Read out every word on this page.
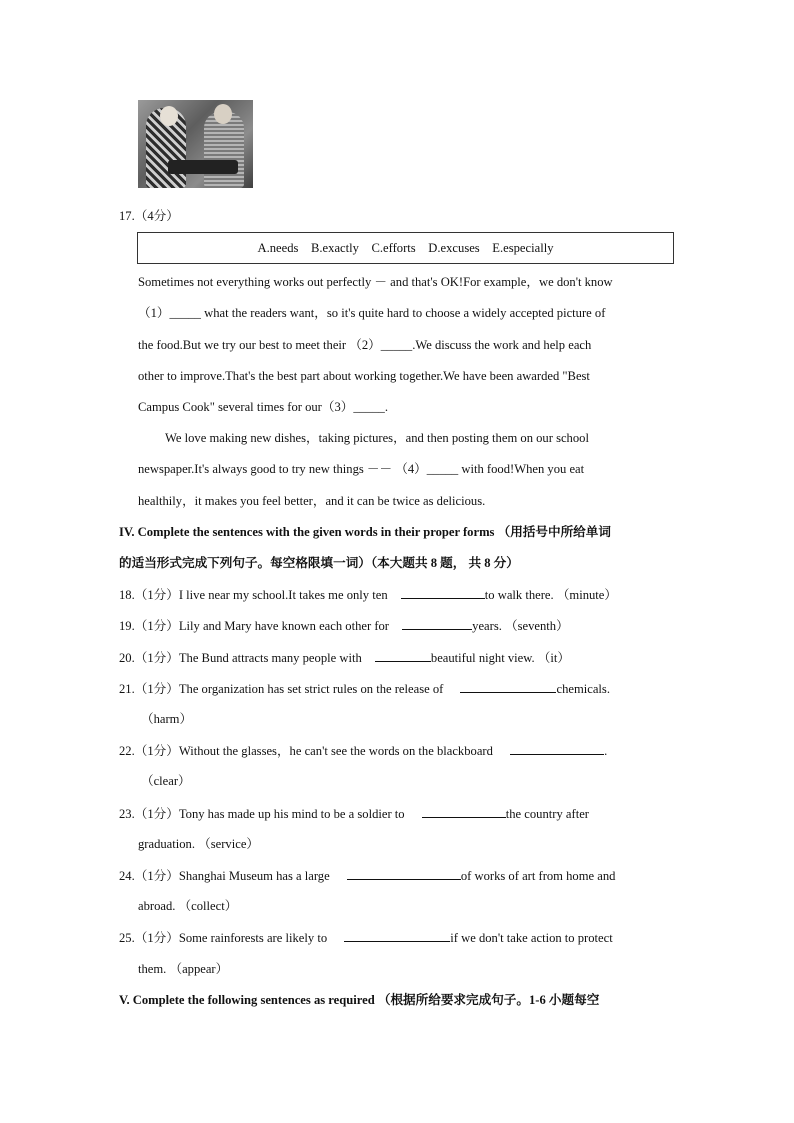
17.（4分）
A.needs    B.exactly    C.efforts    D.excuses    E.especially
Sometimes not everything works out perfectly － and that's OK!For example，we don't know
（1）_____ what the readers want，so it's quite hard to choose a widely accepted picture of
the food.But we try our best to meet their （2）_____.We discuss the work and help each
other to improve.That's the best part about working together.We have been awarded "Best
Campus Cook" several times for our（3）_____.
We love making new dishes，taking pictures，and then posting them on our school
newspaper.It's always good to try new things －－ （4）_____ with food!When you eat
healthily，it makes you feel better，and it can be twice as delicious.
IV. Complete the sentences with the given words in their proper forms （用括号中所给单词
的适当形式完成下列句子。每空格限填一词）（本大题共 8 题， 共 8 分）
18.（1分）I live near my school.It takes me only ten	to walk there. （minute）
19.（1分）Lily and Mary have known each other for	years. （seventh）
20.（1分）The Bund attracts many people with	beautiful night view. （it）
21.（1分）The organization has set strict rules on the release of	chemicals.
（harm）
22.（1分）Without the glasses，he can't see the words on the blackboard	.
（clear）
23.（1分）Tony has made up his mind to be a soldier to	the country after
graduation. （service）
24.（1分）Shanghai Museum has a large	of works of art from home and
abroad. （collect）
25.（1分）Some rainforests are likely to	if we don't take action to protect
them. （appear）
V. Complete the following sentences as required （根据所给要求完成句子。1-6 小题每空
